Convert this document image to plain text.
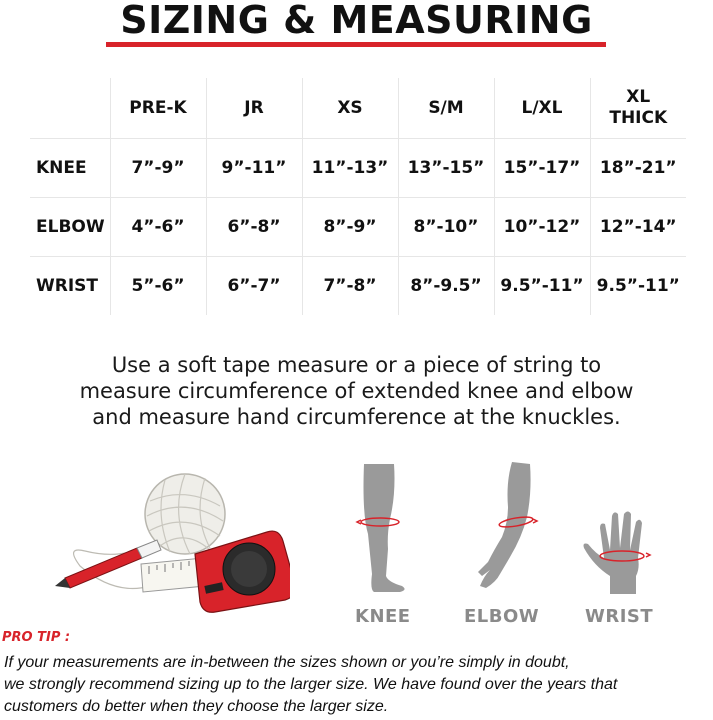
SIZING & MEASURING
	PRE-K	JR	XS	S/M	L/XL	XL THICK
KNEE	7”-9”	9”-11”	11”-13”	13”-15”	15”-17”	18”-21”
ELBOW	4”-6”	6”-8”	8”-9”	8”-10”	10”-12”	12”-14”
WRIST	5”-6”	6”-7”	7”-8”	8”-9.5”	9.5”-11”	9.5”-11”
Use a soft tape measure or a piece of string to
measure circumference of extended knee and elbow
and measure hand circumference at the knuckles.
KNEE	ELBOW	WRIST
PRO TIP :
If your measurements are in-between the sizes shown or you’re simply in doubt,
we strongly recommend sizing up to the larger size. We have found over the years that
customers do better when they choose the larger size.
